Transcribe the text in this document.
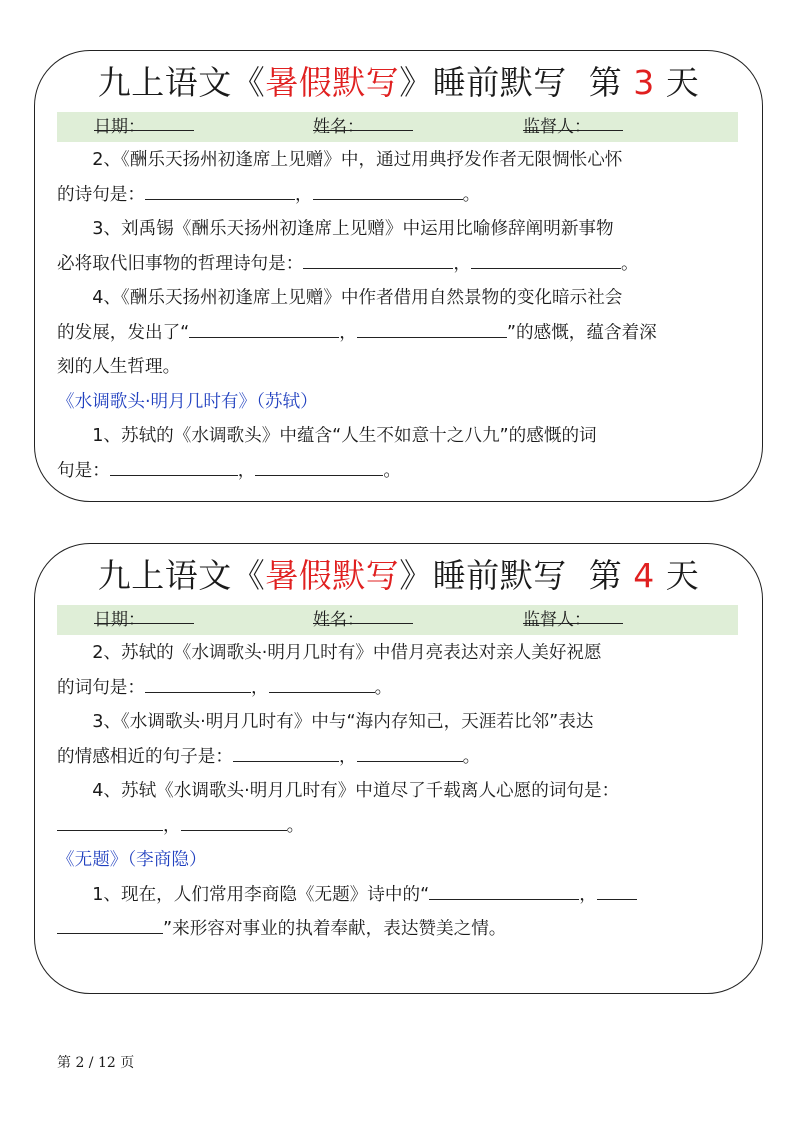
九上语文《暑假默写》睡前默写  第 3 天
日期：	姓名：	监督人：

2、《酬乐天扬州初逢席上见赠》中，通过用典抒发作者无限惆怅心怀

的诗句是：	，	。

3、刘禹锡《酬乐天扬州初逢席上见赠》中运用比喻修辞阐明新事物

必将取代旧事物的哲理诗句是：	，	。

4、《酬乐天扬州初逢席上见赠》中作者借用自然景物的变化暗示社会

的发展，发出了“	，	”的感慨，蕴含着深

刻的人生哲理。

《水调歌头·明月几时有》（苏轼）

1、苏轼的《水调歌头》中蕴含“人生不如意十之八九”的感慨的词

句是：	，	。

九上语文《暑假默写》睡前默写  第 4 天
日期：	姓名：	监督人：

2、苏轼的《水调歌头·明月几时有》中借月亮表达对亲人美好祝愿

的词句是：	，	。

3、《水调歌头·明月几时有》中与“海内存知己，天涯若比邻”表达

的情感相近的句子是：	，	。

4、苏轼《水调歌头·明月几时有》中道尽了千载离人心愿的词句是：

，	。

《无题》（李商隐）

1、现在，人们常用李商隐《无题》诗中的“	，

”来形容对事业的执着奉献，表达赞美之情。

第 2 / 12 页
